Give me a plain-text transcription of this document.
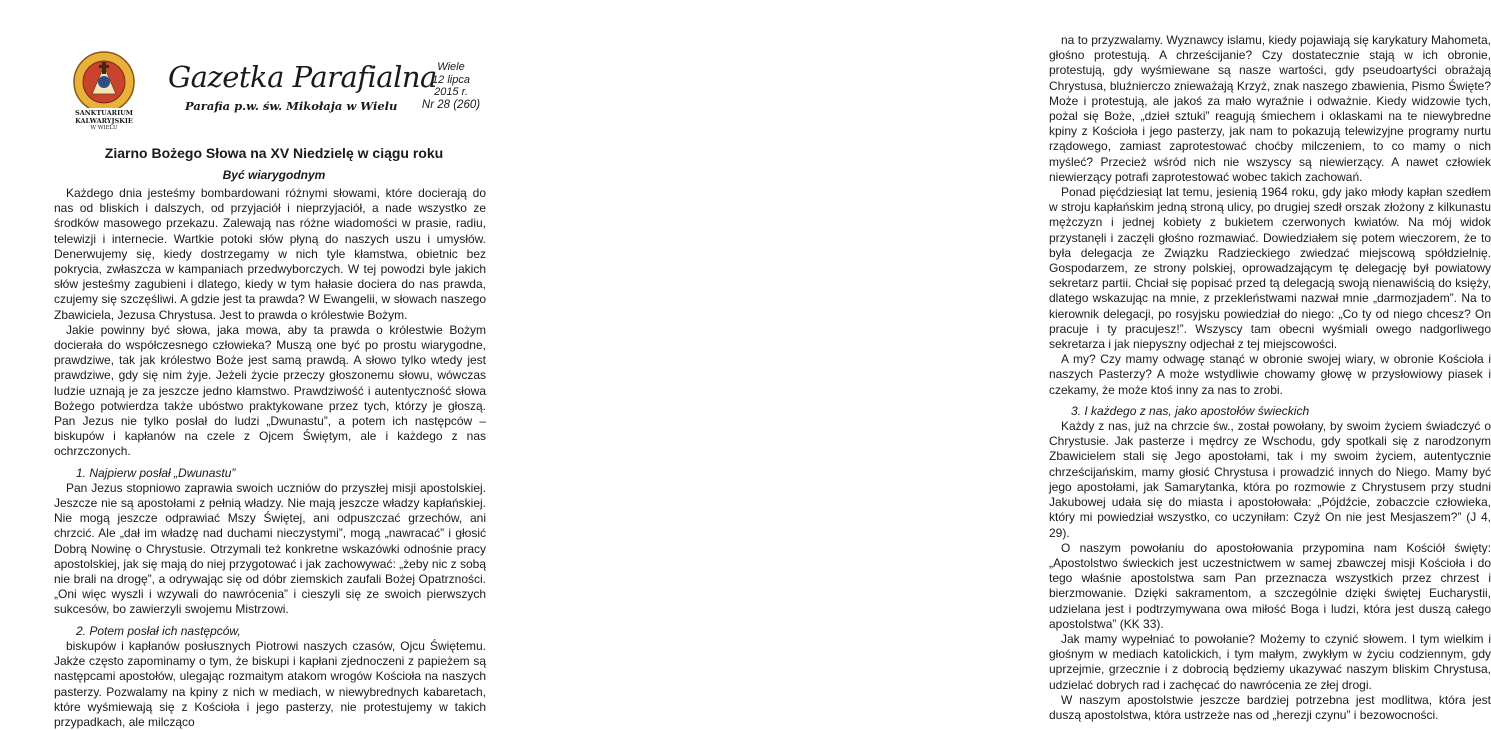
SANKTUARIUM
KALWARYJSKIE
W WIELU
Gazetka Parafialna
Parafia p.w. św. Mikołaja w Wielu
Wiele
12 lipca
2015 r.
Nr 28 (260)
Ziarno Bożego Słowa na XV Niedzielę w ciągu roku
Być wiarygodnym

Każdego dnia jesteśmy bombardowani różnymi słowami, które docierają do nas od bliskich i dalszych, od przyjaciół i nieprzyjaciół, a nade wszystko ze środków masowego przekazu. Zalewają nas różne wiadomości w prasie, radiu, telewizji i internecie. Wartkie potoki słów płyną do naszych uszu i umysłów. Denerwujemy się, kiedy dostrzegamy w nich tyle kłamstwa, obietnic bez pokrycia, zwłaszcza w kampaniach przedwyborczych. W tej powodzi byle jakich słów jesteśmy zagubieni i dlatego, kiedy w tym hałasie dociera do nas prawda, czujemy się szczęśliwi. A gdzie jest ta prawda? W Ewangelii, w słowach naszego Zbawiciela, Jezusa Chrystusa. Jest to prawda o królestwie Bożym.

Jakie powinny być słowa, jaka mowa, aby ta prawda o królestwie Bożym docierała do współczesnego człowieka? Muszą one być po prostu wiarygodne, prawdziwe, tak jak królestwo Boże jest samą prawdą. A słowo tylko wtedy jest prawdziwe, gdy się nim żyje. Jeżeli życie przeczy głoszonemu słowu, wówczas ludzie uznają je za jeszcze jedno kłamstwo. Prawdziwość i autentyczność słowa Bożego potwierdza także ubóstwo praktykowane przez tych, którzy je głoszą. Pan Jezus nie tylko posłał do ludzi „Dwunastu”, a potem ich następców – biskupów i kapłanów na czele z Ojcem Świętym, ale i każdego z nas ochrzczonych.

1. Najpierw posłał „Dwunastu”

Pan Jezus stopniowo zaprawia swoich uczniów do przyszłej misji apostolskiej. Jeszcze nie są apostołami z pełnią władzy. Nie mają jeszcze władzy kapłańskiej. Nie mogą jeszcze odprawiać Mszy Świętej, ani odpuszczać grzechów, ani chrzcić. Ale „dał im władzę nad duchami nieczystymi”, mogą „nawracać” i głosić Dobrą Nowinę o Chrystusie. Otrzymali też konkretne wskazówki odnośnie pracy apostolskiej, jak się mają do niej przygotować i jak zachowywać: „żeby nic z sobą nie brali na drogę”, a odrywając się od dóbr ziemskich zaufali Bożej Opatrzności. „Oni więc wyszli i wzywali do nawrócenia” i cieszyli się ze swoich pierwszych sukcesów, bo zawierzyli swojemu Mistrzowi.

2. Potem posłał ich następców,

biskupów i kapłanów posłusznych Piotrowi naszych czasów, Ojcu Świętemu. Jakże często zapominamy o tym, że biskupi i kapłani zjednoczeni z papieżem są następcami apostołów, ulegając rozmaitym atakom wrogów Kościoła na naszych pasterzy. Pozwalamy na kpiny z nich w mediach, w niewybrednych kabaretach, które wyśmiewają się z Kościoła i jego pasterzy, nie protestujemy w takich przypadkach, ale milcząco

na to przyzwalamy. Wyznawcy islamu, kiedy pojawiają się karykatury Mahometa, głośno protestują. A chrześcijanie? Czy dostatecznie stają w ich obronie, protestują, gdy wyśmiewane są nasze wartości, gdy pseudoartyści obrażają Chrystusa, bluźnierczo znieważają Krzyż, znak naszego zbawienia, Pismo Święte? Może i protestują, ale jakoś za mało wyraźnie i odważnie. Kiedy widzowie tych, pożal się Boże, „dzieł sztuki” reagują śmiechem i oklaskami na te niewybredne kpiny z Kościoła i jego pasterzy, jak nam to pokazują telewizyjne programy nurtu rządowego, zamiast zaprotestować choćby milczeniem, to co mamy o nich myśleć? Przecież wśród nich nie wszyscy są niewierzący. A nawet człowiek niewierzący potrafi zaprotestować wobec takich zachowań.

Ponad pięćdziesiąt lat temu, jesienią 1964 roku, gdy jako młody kapłan szedłem w stroju kapłańskim jedną stroną ulicy, po drugiej szedł orszak złożony z kilkunastu mężczyzn i jednej kobiety z bukietem czerwonych kwiatów. Na mój widok przystanęli i zaczęli głośno rozmawiać. Dowiedziałem się potem wieczorem, że to była delegacja ze Związku Radzieckiego zwiedzać miejscową spółdzielnię. Gospodarzem, ze strony polskiej, oprowadzającym tę delegację był powiatowy sekretarz partii. Chciał się popisać przed tą delegacją swoją nienawiścią do księży, dlatego wskazując na mnie, z przekleństwami nazwał mnie „darmozjadem”. Na to kierownik delegacji, po rosyjsku powiedział do niego: „Co ty od niego chcesz? On pracuje i ty pracujesz!”. Wszyscy tam obecni wyśmiali owego nadgorliwego sekretarza i jak niepyszny odjechał z tej miejscowości.

A my? Czy mamy odwagę stanąć w obronie swojej wiary, w obronie Kościoła i naszych Pasterzy? A może wstydliwie chowamy głowę w przysłowiowy piasek i czekamy, że może ktoś inny za nas to zrobi.

3. I każdego z nas, jako apostołów świeckich

Każdy z nas, już na chrzcie św., został powołany, by swoim życiem świadczyć o Chrystusie. Jak pasterze i mędrcy ze Wschodu, gdy spotkali się z narodzonym Zbawicielem stali się Jego apostołami, tak i my swoim życiem, autentycznie chrześcijańskim, mamy głosić Chrystusa i prowadzić innych do Niego. Mamy być jego apostołami, jak Samarytanka, która po rozmowie z Chrystusem przy studni Jakubowej udała się do miasta i apostołowała: „Pójdźcie, zobaczcie człowieka, który mi powiedział wszystko, co uczyniłam: Czyż On nie jest Mesjaszem?” (J 4, 29).

O naszym powołaniu do apostołowania przypomina nam Kościół święty: „Apostolstwo świeckich jest uczestnictwem w samej zbawczej misji Kościoła i do tego właśnie apostolstwa sam Pan przeznacza wszystkich przez chrzest i bierzmowanie. Dzięki sakramentom, a szczególnie dzięki świętej Eucharystii, udzielana jest i podtrzymywana owa miłość Boga i ludzi, która jest duszą całego apostolstwa” (KK 33).

Jak mamy wypełniać to powołanie? Możemy to czynić słowem. I tym wielkim i głośnym w mediach katolickich, i tym małym, zwykłym w życiu codziennym, gdy uprzejmie, grzecznie i z dobrocią będziemy ukazywać naszym bliskim Chrystusa, udzielać dobrych rad i zachęcać do nawrócenia ze złej drogi.

W naszym apostolstwie jeszcze bardziej potrzebna jest modlitwa, która jest duszą apostolstwa, która ustrzeże nas od „herezji czynu” i bezowocności.
